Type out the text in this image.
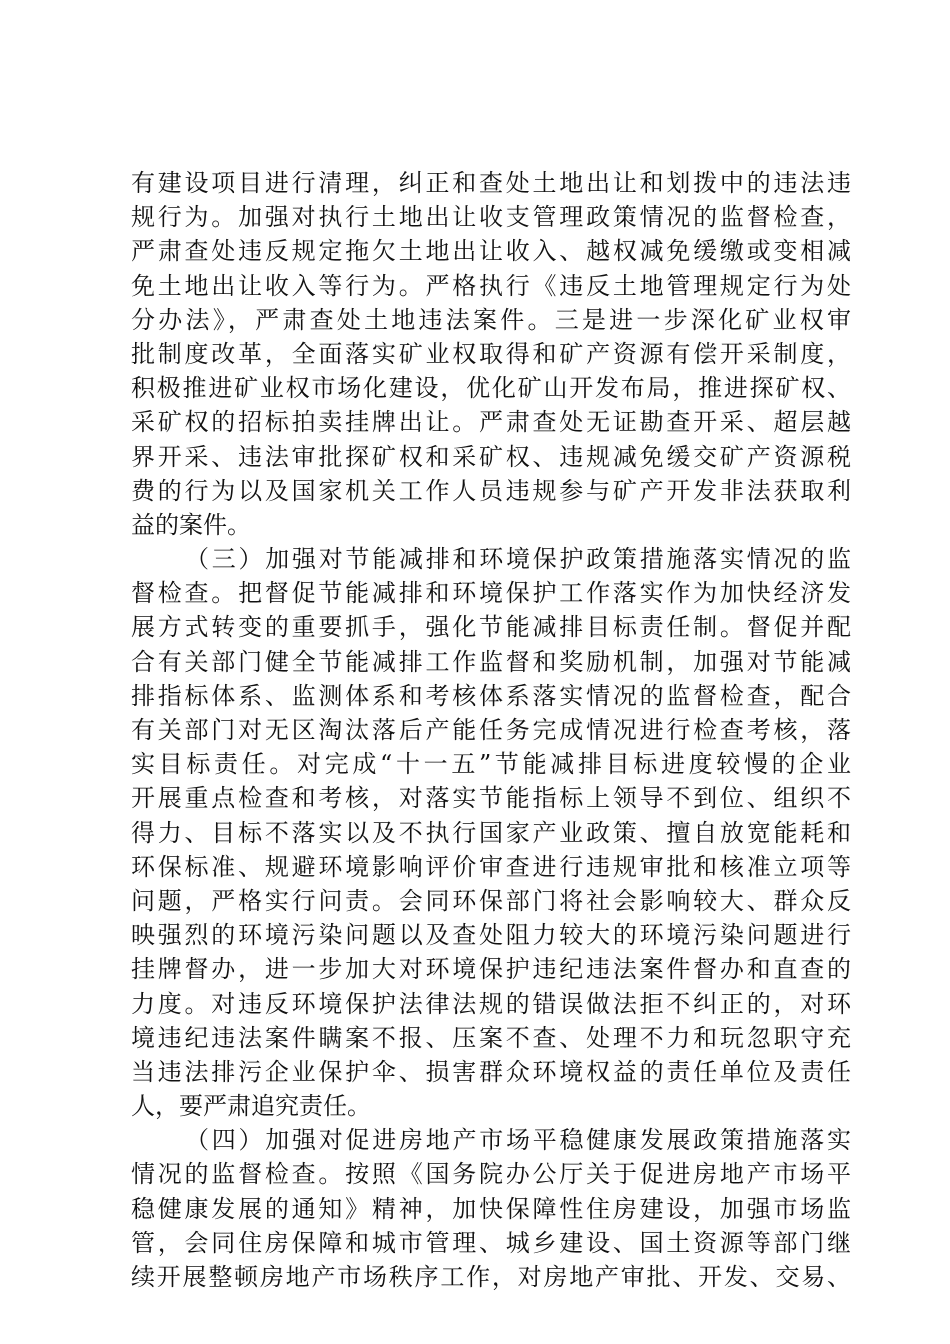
有建设项目进行清理，纠正和查处土地出让和划拨中的违法违
规行为。加强对执行土地出让收支管理政策情况的监督检查，
严肃查处违反规定拖欠土地出让收入、越权减免缓缴或变相减
免土地出让收入等行为。严格执行《违反土地管理规定行为处
分办法》，严肃查处土地违法案件。三是进一步深化矿业权审
批制度改革，全面落实矿业权取得和矿产资源有偿开采制度，
积极推进矿业权市场化建设，优化矿山开发布局，推进探矿权、
采矿权的招标拍卖挂牌出让。严肃查处无证勘查开采、超层越
界开采、违法审批探矿权和采矿权、违规减免缓交矿产资源税
费的行为以及国家机关工作人员违规参与矿产开发非法获取利
益的案件。
（三）加强对节能减排和环境保护政策措施落实情况的监
督检查。把督促节能减排和环境保护工作落实作为加快经济发
展方式转变的重要抓手，强化节能减排目标责任制。督促并配
合有关部门健全节能减排工作监督和奖励机制，加强对节能减
排指标体系、监测体系和考核体系落实情况的监督检查，配合
有关部门对无区淘汰落后产能任务完成情况进行检查考核，落
实目标责任。对完成“十一五”节能减排目标进度较慢的企业
开展重点检查和考核，对落实节能指标上领导不到位、组织不
得力、目标不落实以及不执行国家产业政策、擅自放宽能耗和
环保标准、规避环境影响评价审查进行违规审批和核准立项等
问题，严格实行问责。会同环保部门将社会影响较大、群众反
映强烈的环境污染问题以及查处阻力较大的环境污染问题进行
挂牌督办，进一步加大对环境保护违纪违法案件督办和直查的
力度。对违反环境保护法律法规的错误做法拒不纠正的，对环
境违纪违法案件瞒案不报、压案不查、处理不力和玩忽职守充
当违法排污企业保护伞、损害群众环境权益的责任单位及责任
人，要严肃追究责任。
（四）加强对促进房地产市场平稳健康发展政策措施落实
情况的监督检查。按照《国务院办公厅关于促进房地产市场平
稳健康发展的通知》精神，加快保障性住房建设，加强市场监
管，会同住房保障和城市管理、城乡建设、国土资源等部门继
续开展整顿房地产市场秩序工作，对房地产审批、开发、交易、
